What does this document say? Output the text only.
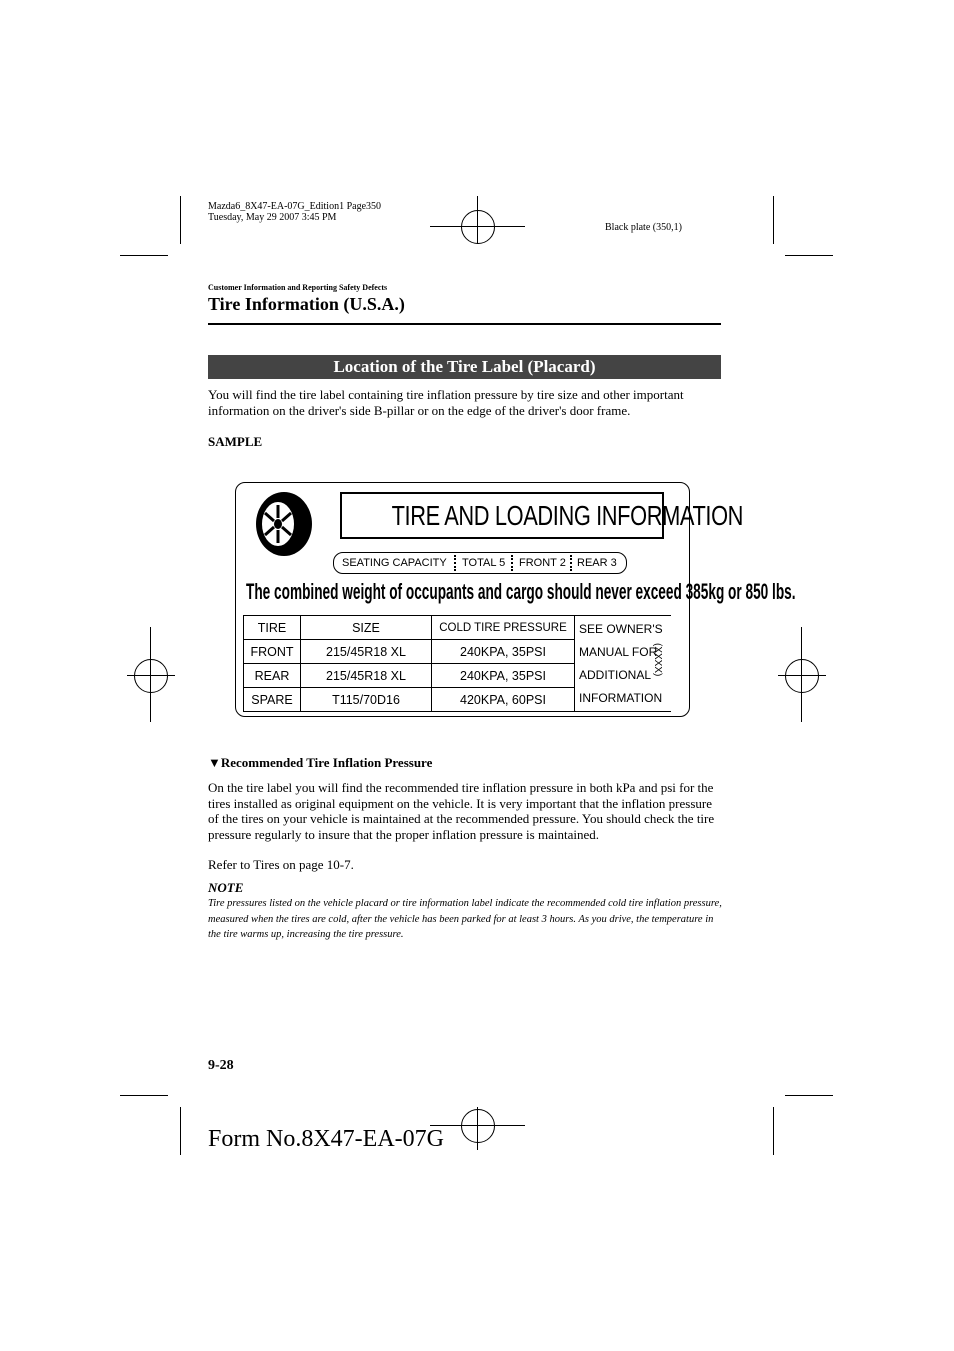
Mazda6_8X47-EA-07G_Edition1 Page350
Tuesday, May 29 2007 3:45 PM
Black plate (350,1)
Customer Information and Reporting Safety Defects
Tire Information (U.S.A.)
Location of the Tire Label (Placard)
You will find the tire label containing tire inflation pressure by tire size and other important information on the driver's side B-pillar or on the edge of the driver's door frame.
SAMPLE
TIRE AND LOADING INFORMATION
SEATING CAPACITY TOTAL 5 FRONT 2 REAR 3
The combined weight of occupants and cargo should never exceed 385kg or 850 lbs.
TIRE	SIZE	COLD TIRE PRESSURE	SEE OWNER'S
MANUAL FOR
ADDITIONAL
INFORMATION

FRONT	215/45R18 XL	240KPA, 35PSI	
REAR	215/45R18 XL	240KPA, 35PSI	
SPARE	T115/70D16	420KPA, 60PSI	
(XXXX)
▼Recommended Tire Inflation Pressure
On the tire label you will find the recommended tire inflation pressure in both kPa and psi for the tires installed as original equipment on the vehicle. It is very important that the inflation pressure of the tires on your vehicle is maintained at the recommended pressure. You should check the tire pressure regularly to insure that the proper inflation pressure is maintained.
Refer to Tires on page 10-7.
NOTE
Tire pressures listed on the vehicle placard or tire information label indicate the recommended cold tire inflation pressure, measured when the tires are cold, after the vehicle has been parked for at least 3 hours. As you drive, the temperature in the tire warms up, increasing the tire pressure.
9-28
Form No.8X47-EA-07G
